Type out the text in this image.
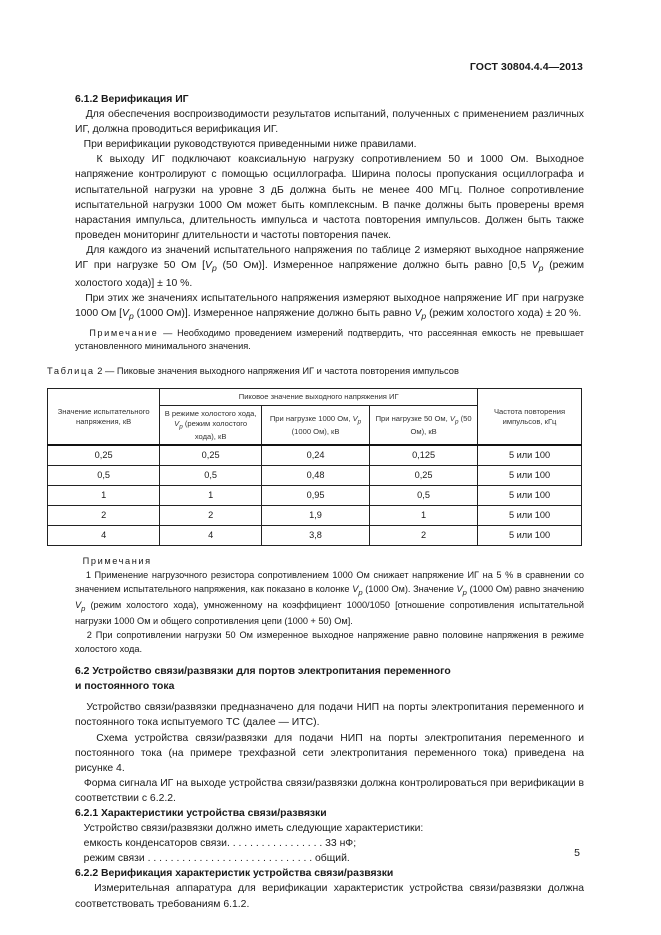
ГОСТ 30804.4.4—2013

6.1.2 Верификация ИГ

Для обеспечения воспроизводимости результатов испытаний, полученных с применением различных ИГ, должна проводиться верификация ИГ.

При верификации руководствуются приведенными ниже правилами.

К выходу ИГ подключают коаксиальную нагрузку сопротивлением 50 и 1000 Ом. Выходное напряжение контролируют с помощью осциллографа. Ширина полосы пропускания осциллографа и испытательной нагрузки на уровне 3 дБ должна быть не менее 400 МГц. Полное сопротивление испытательной нагрузки 1000 Ом может быть комплексным. В пачке должны быть проверены время нарастания импульса, длительность импульса и частота повторения импульсов. Должен быть также проведен мониторинг длительности и частоты повторения пачек.

Для каждого из значений испытательного напряжения по таблице 2 измеряют выходное напряжение ИГ при нагрузке 50 Ом [$V_p$ (50 Ом)]. Измеренное напряжение должно быть равно [0,5 $V_p$ (режим холостого хода)] ± 10 %.

При этих же значениях испытательного напряжения измеряют выходное напряжение ИГ при нагрузке 1000 Ом [$V_p$ (1000 Ом)]. Измеренное напряжение должно быть равно $V_p$ (режим холостого хода) ± 20 %.

Примечание — Необходимо проведением измерений подтвердить, что рассеянная емкость не превышает установленного минимального значения.

Таблица 2 — Пиковые значения выходного напряжения ИГ и частота повторения импульсов

Значение испытательного напряжения, кВ	Пиковое значение выходного напряжения ИГ			Частота повторения импульсов, кГц
	В режиме холостого хода, $V_p$ (режим холостого хода), кВ	При нагрузке 1000 Ом, $V_p$ (1000 Ом), кВ	При нагрузке 50 Ом, $V_p$ (50 Ом), кВ	
0,25	0,25	0,24	0,125	5 или 100
0,5	0,5	0,48	0,25	5 или 100
1	1	0,95	0,5	5 или 100
2	2	1,9	1	5 или 100
4	4	3,8	2	5 или 100

Примечания

1 Применение нагрузочного резистора сопротивлением 1000 Ом снижает напряжение ИГ на 5 % в сравнении со значением испытательного напряжения, как показано в колонке $V_p$ (1000 Ом). Значение $V_p$ (1000 Ом) равно значению $V_p$ (режим холостого хода), умноженному на коэффициент 1000/1050 [отношение сопротивления испытательной нагрузки 1000 Ом и общего сопротивления цепи (1000 + 50) Ом].

2 При сопротивлении нагрузки 50 Ом измеренное выходное напряжение равно половине напряжения в режиме холостого хода.

6.2 Устройство связи/развязки для портов электропитания переменного
и постоянного тока

Устройство связи/развязки предназначено для подачи НИП на порты электропитания переменного и постоянного тока испытуемого ТС (далее — ИТС).

Схема устройства связи/развязки для подачи НИП на порты электропитания переменного и постоянного тока (на примере трехфазной сети электропитания переменного тока) приведена на рисунке 4.

Форма сигнала ИГ на выходе устройства связи/развязки должна контролироваться при верификации в соответствии с 6.2.2.

6.2.1 Характеристики устройства связи/развязки

Устройство связи/развязки должно иметь следующие характеристики:

емкость конденсаторов связи. . . . . . . . . . . . . . . . . 33 нФ;

режим связи . . . . . . . . . . . . . . . . . . . . . . . . . . . . . общий.

6.2.2 Верификация характеристик устройства связи/развязки

Измерительная аппаратура для верификации характеристик устройства связи/развязки должна соответствовать требованиям 6.1.2.

5
